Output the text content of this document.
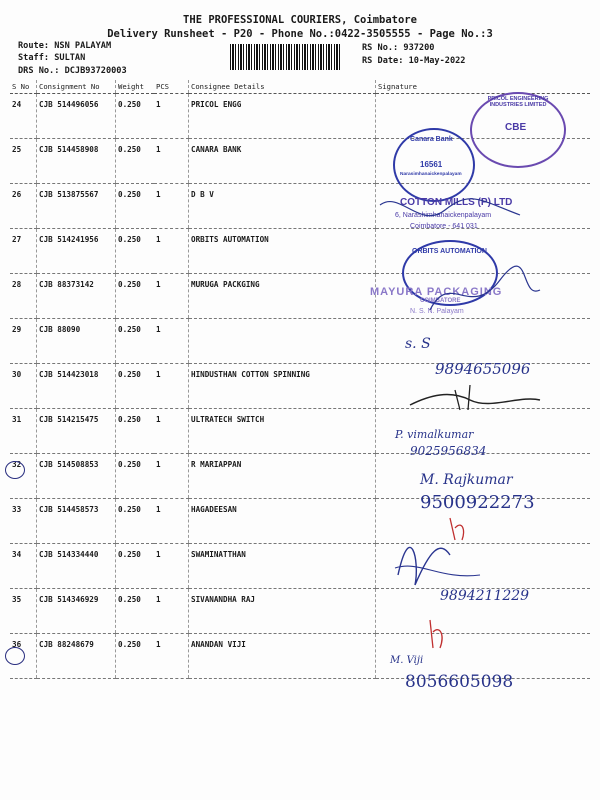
THE PROFESSIONAL COURIERS, Coimbatore
Delivery Runsheet - P20 - Phone No.:0422-3505555 - Page No.:3
Route: NSN PALAYAM
Staff: SULTAN
DRS No.: DCJB93720003
RS No.: 937200
RS Date: 10-May-2022
S No	Consignment No	Weight	PCS	Consignee Details	Signature
24	CJB 514496056	0.250	1	PRICOL ENGG	
25	CJB 514458908	0.250	1	CANARA BANK	
26	CJB 513875567	0.250	1	D B V	
27	CJB 514241956	0.250	1	ORBITS AUTOMATION	
28	CJB 88373142	0.250	1	MURUGA PACKGING	
29	CJB 88090	0.250	1		
30	CJB 514423018	0.250	1	HINDUSTHAN COTTON SPINNING	
31	CJB 514215475	0.250	1	ULTRATECH SWITCH	
32	CJB 514508853	0.250	1	R MARIAPPAN	
33	CJB 514458573	0.250	1	HAGADEESAN	
34	CJB 514334440	0.250	1	SWAMINATTHAN	
35	CJB 514346929	0.250	1	SIVANANDHA RAJ	
36	CJB 88248679	0.250	1	ANANDAN VIJI	
PRICOL ENGINEERING INDUSTRIES LIMITED
CBE
Canara Bank
16561
Narasimhanaickenpalayam
COTTON MILLS (P) LTD
6, Narashimhanaickenpalayam
Coimbatore - 641 031
ORBITS AUTOMATION
MAYURA PACKAGING
COIMBATORE
N. S. N. Palayam
s. S
9894655096
P. vimalkumar
9025956834
M. Rajkumar
9500922273
9894211229
M. Viji
8056605098
